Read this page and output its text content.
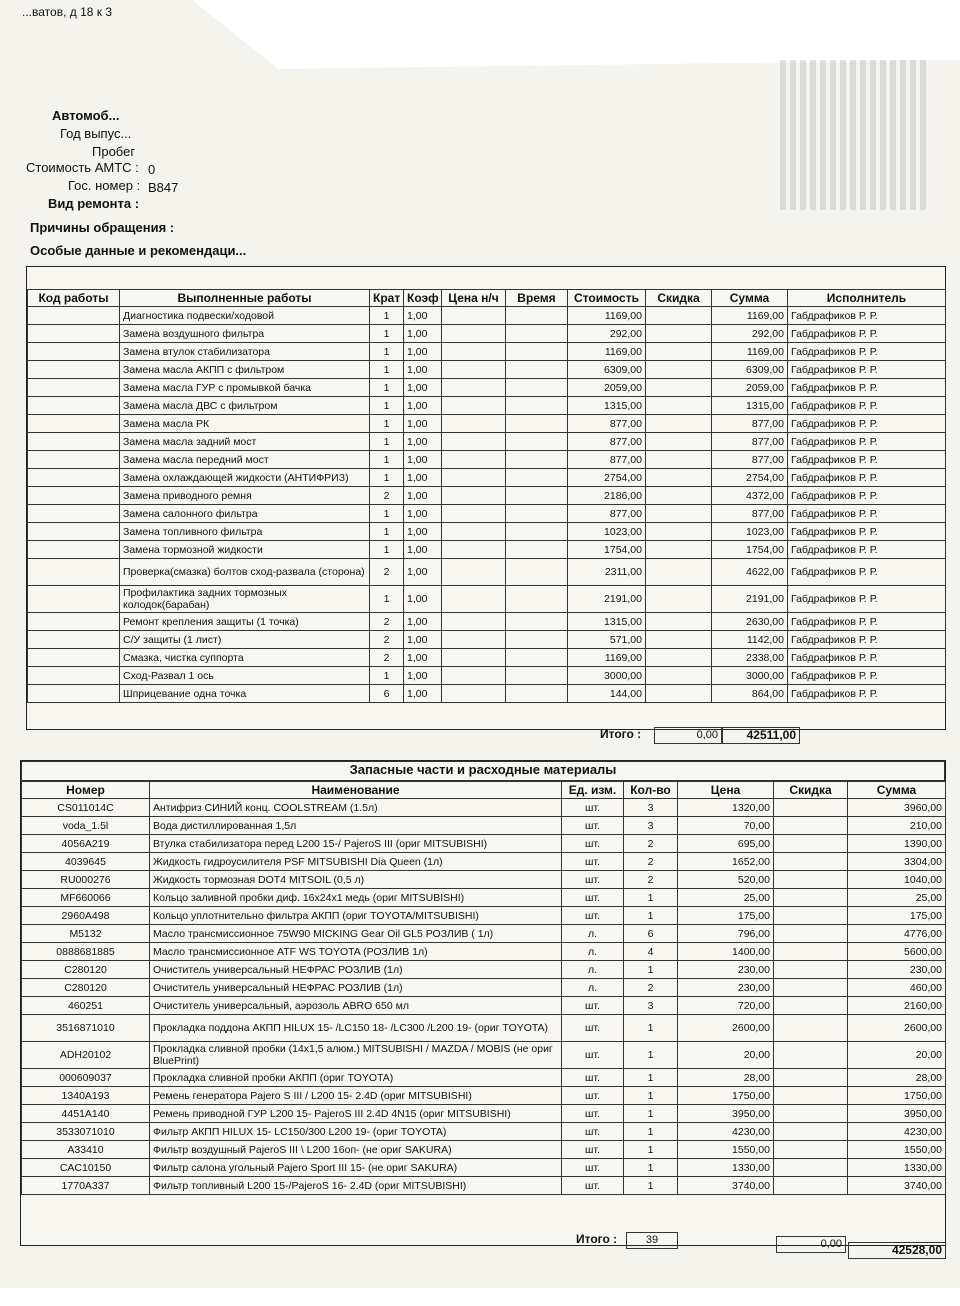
...ватов, д 18 к 3
Автомоб...
Год выпус...
Пробег
Стоимость АМТС : 0
Гос. номер : В847
Вид ремонта :
Причины обращения :
Особые данные и рекомендаци...
Код работы	Выполненные работы	Крат	Коэф	Цена н/ч	Время	Стоимость	Скидка	Сумма	Исполнитель
	Диагностика подвески/ходовой	1	1,00			1169,00		1169,00	Габдрафиков Р. Р.
	Замена воздушного фильтра	1	1,00			292,00		292,00	Габдрафиков Р. Р.
	Замена втулок стабилизатора	1	1,00			1169,00		1169,00	Габдрафиков Р. Р.
	Замена масла АКПП с фильтром	1	1,00			6309,00		6309,00	Габдрафиков Р. Р.
	Замена масла ГУР с промывкой бачка	1	1,00			2059,00		2059,00	Габдрафиков Р. Р.
	Замена масла ДВС с фильтром	1	1,00			1315,00		1315,00	Габдрафиков Р. Р.
	Замена масла РК	1	1,00			877,00		877,00	Габдрафиков Р. Р.
	Замена масла задний мост	1	1,00			877,00		877,00	Габдрафиков Р. Р.
	Замена масла передний мост	1	1,00			877,00		877,00	Габдрафиков Р. Р.
	Замена охлаждающей жидкости (АНТИФРИЗ)	1	1,00			2754,00		2754,00	Габдрафиков Р. Р.
	Замена приводного ремня	2	1,00			2186,00		4372,00	Габдрафиков Р. Р.
	Замена салонного фильтра	1	1,00			877,00		877,00	Габдрафиков Р. Р.
	Замена топливного фильтра	1	1,00			1023,00		1023,00	Габдрафиков Р. Р.
	Замена тормозной жидкости	1	1,00			1754,00		1754,00	Габдрафиков Р. Р.
	Проверка(смазка) болтов сход-развала (сторона)	2	1,00			2311,00		4622,00	Габдрафиков Р. Р.
	Профилактика задних тормозных колодок(барабан)	1	1,00			2191,00		2191,00	Габдрафиков Р. Р.
	Ремонт крепления защиты (1 точка)	2	1,00			1315,00		2630,00	Габдрафиков Р. Р.
	С/У защиты (1 лист)	2	1,00			571,00		1142,00	Габдрафиков Р. Р.
	Смазка, чистка суппорта	2	1,00			1169,00		2338,00	Габдрафиков Р. Р.
	Сход-Развал 1 ось	1	1,00			3000,00		3000,00	Габдрафиков Р. Р.
	Шприцевание одна точка	6	1,00			144,00		864,00	Габдрафиков Р. Р.
Итого :	0,00	42511,00
Запасные части и расходные материалы
Номер	Наименование	Ед. изм.	Кол-во	Цена	Скидка	Сумма
CS011014C	Антифриз СИНИЙ конц. COOLSTREAM (1.5л)	шт.	3	1320,00		3960,00
voda_1.5l	Вода дистиллированная 1,5л	шт.	3	70,00		210,00
4056A219	Втулка стабилизатора перед L200 15-/ PajeroS III (ориг MITSUBISHI)	шт.	2	695,00		1390,00
4039645	Жидкость гидроусилителя PSF MITSUBISHI Dia Queen (1л)	шт.	2	1652,00		3304,00
RU000276	Жидкость тормозная DOT4 MITSOIL (0,5 л)	шт.	2	520,00		1040,00
MF660066	Кольцо заливной пробки диф. 16х24х1 медь (ориг MITSUBISHI)	шт.	1	25,00		25,00
2960A498	Кольцо уплотнительно фильтра АКПП (ориг TOYOTA/MITSUBISHI)	шт.	1	175,00		175,00
M5132	Масло трансмиссионное 75W90 MICKING Gear Oil GL5 РОЗЛИВ ( 1л)	л.	6	796,00		4776,00
0888681885	Масло трансмиссионное ATF WS TOYOTA (РОЗЛИВ 1л)	л.	4	1400,00		5600,00
C280120	Очиститель универсальный НЕФРАС РОЗЛИВ (1л)	л.	1	230,00		230,00
C280120	Очиститель универсальный НЕФРАС РОЗЛИВ (1л)	л.	2	230,00		460,00
460251	Очиститель универсальный, аэрозоль ABRO 650 мл	шт.	3	720,00		2160,00
3516871010	Прокладка поддона АКПП HILUX 15- /LC150 18- /LC300 /L200 19- (ориг TOYOTA)	шт.	1	2600,00		2600,00
ADH20102	Прокладка сливной пробки (14х1,5 алюм.) MITSUBISHI / MAZDA / MOBIS (не ориг BluePrint)	шт.	1	20,00		20,00
000609037	Прокладка сливной пробки АКПП (ориг TOYOTA)	шт.	1	28,00		28,00
1340A193	Ремень генератора Pajero S III / L200 15- 2.4D (ориг MITSUBISHI)	шт.	1	1750,00		1750,00
4451A140	Ремень приводной ГУР L200 15- PajeroS III 2.4D 4N15 (ориг MITSUBISHI)	шт.	1	3950,00		3950,00
3533071010	Фильтр АКПП HILUX 15- LC150/300 L200 19- (ориг TOYOTA)	шт.	1	4230,00		4230,00
A33410	Фильтр воздушный PajeroS III \ L200 16оп- (не ориг SAKURA)	шт.	1	1550,00		1550,00
CAC10150	Фильтр салона угольный Pajero Sport III 15- (не ориг SAKURA)	шт.	1	1330,00		1330,00
1770A337	Фильтр топливный L200 15-/PajeroS 16- 2.4D (ориг MITSUBISHI)	шт.	1	3740,00		3740,00
Итого :	39	0,00	42528,00
